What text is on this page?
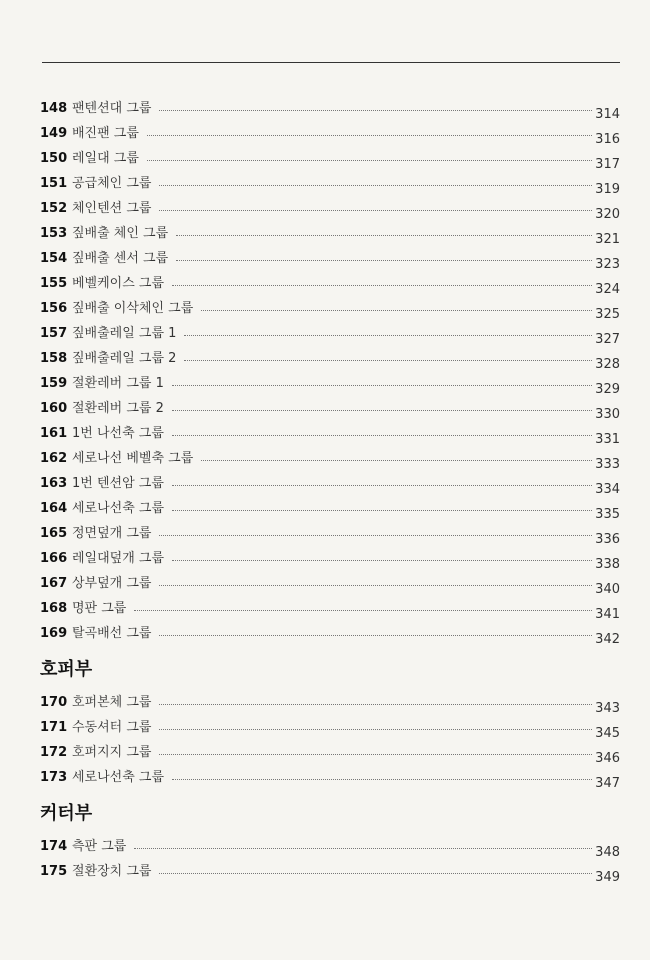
148 팬텐션대 그룹	314
149 배진팬 그룹	316
150 레일대 그룹	317
151 공급체인 그룹	319
152 체인텐션 그룹	320
153 짚배출 체인 그룹	321
154 짚배출 센서 그룹	323
155 베벨케이스 그룹	324
156 짚배출 이삭체인 그룹	325
157 짚배출레일 그룹 1	327
158 짚배출레일 그룹 2	328
159 절환레버 그룹 1	329
160 절환레버 그룹 2	330
161 1번 나선축 그룹	331
162 세로나선 베벨축 그룹	333
163 1번 텐션암 그룹	334
164 세로나선축 그룹	335
165 정면덮개 그룹	336
166 레일대덮개 그룹	338
167 상부덮개 그룹	340
168 명판 그룹	341
169 탈곡배선 그룹	342
호퍼부
170 호퍼본체 그룹	343
171 수동셔터 그룹	345
172 호퍼지지 그룹	346
173 세로나선축 그룹	347
커터부
174 측판 그룹	348
175 절환장치 그룹	349
